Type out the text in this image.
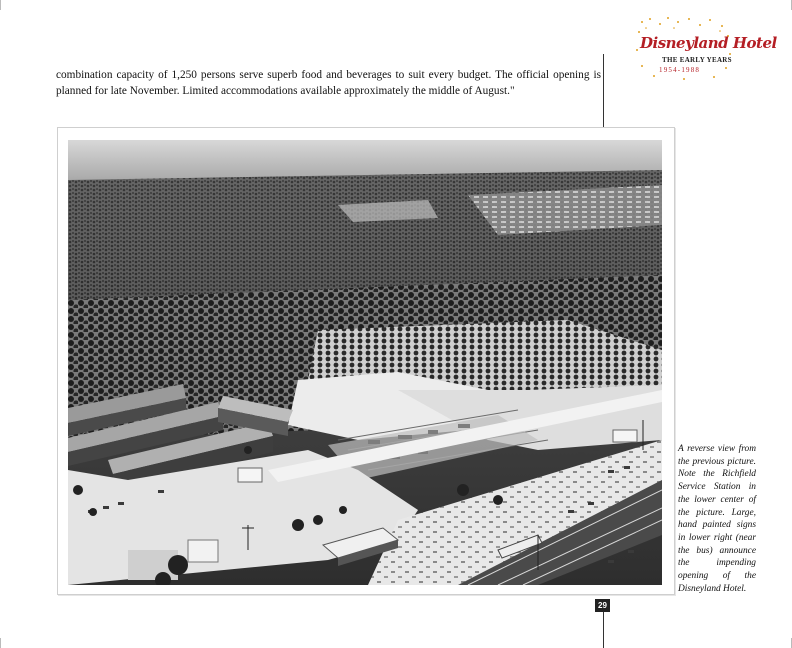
Disneyland Hotel
THE EARLY YEARS
1954-1988
combination capacity of 1,250 persons serve superb food and beverages to suit every budget. The official opening is planned for late November. Limited accommodations available approximately the middle of August."
A reverse view from the previous picture. Note the Richfield Service Station in the lower center of the picture. Large, hand painted signs in lower right (near the bus) announce the impending opening of the Disneyland Hotel.
29
